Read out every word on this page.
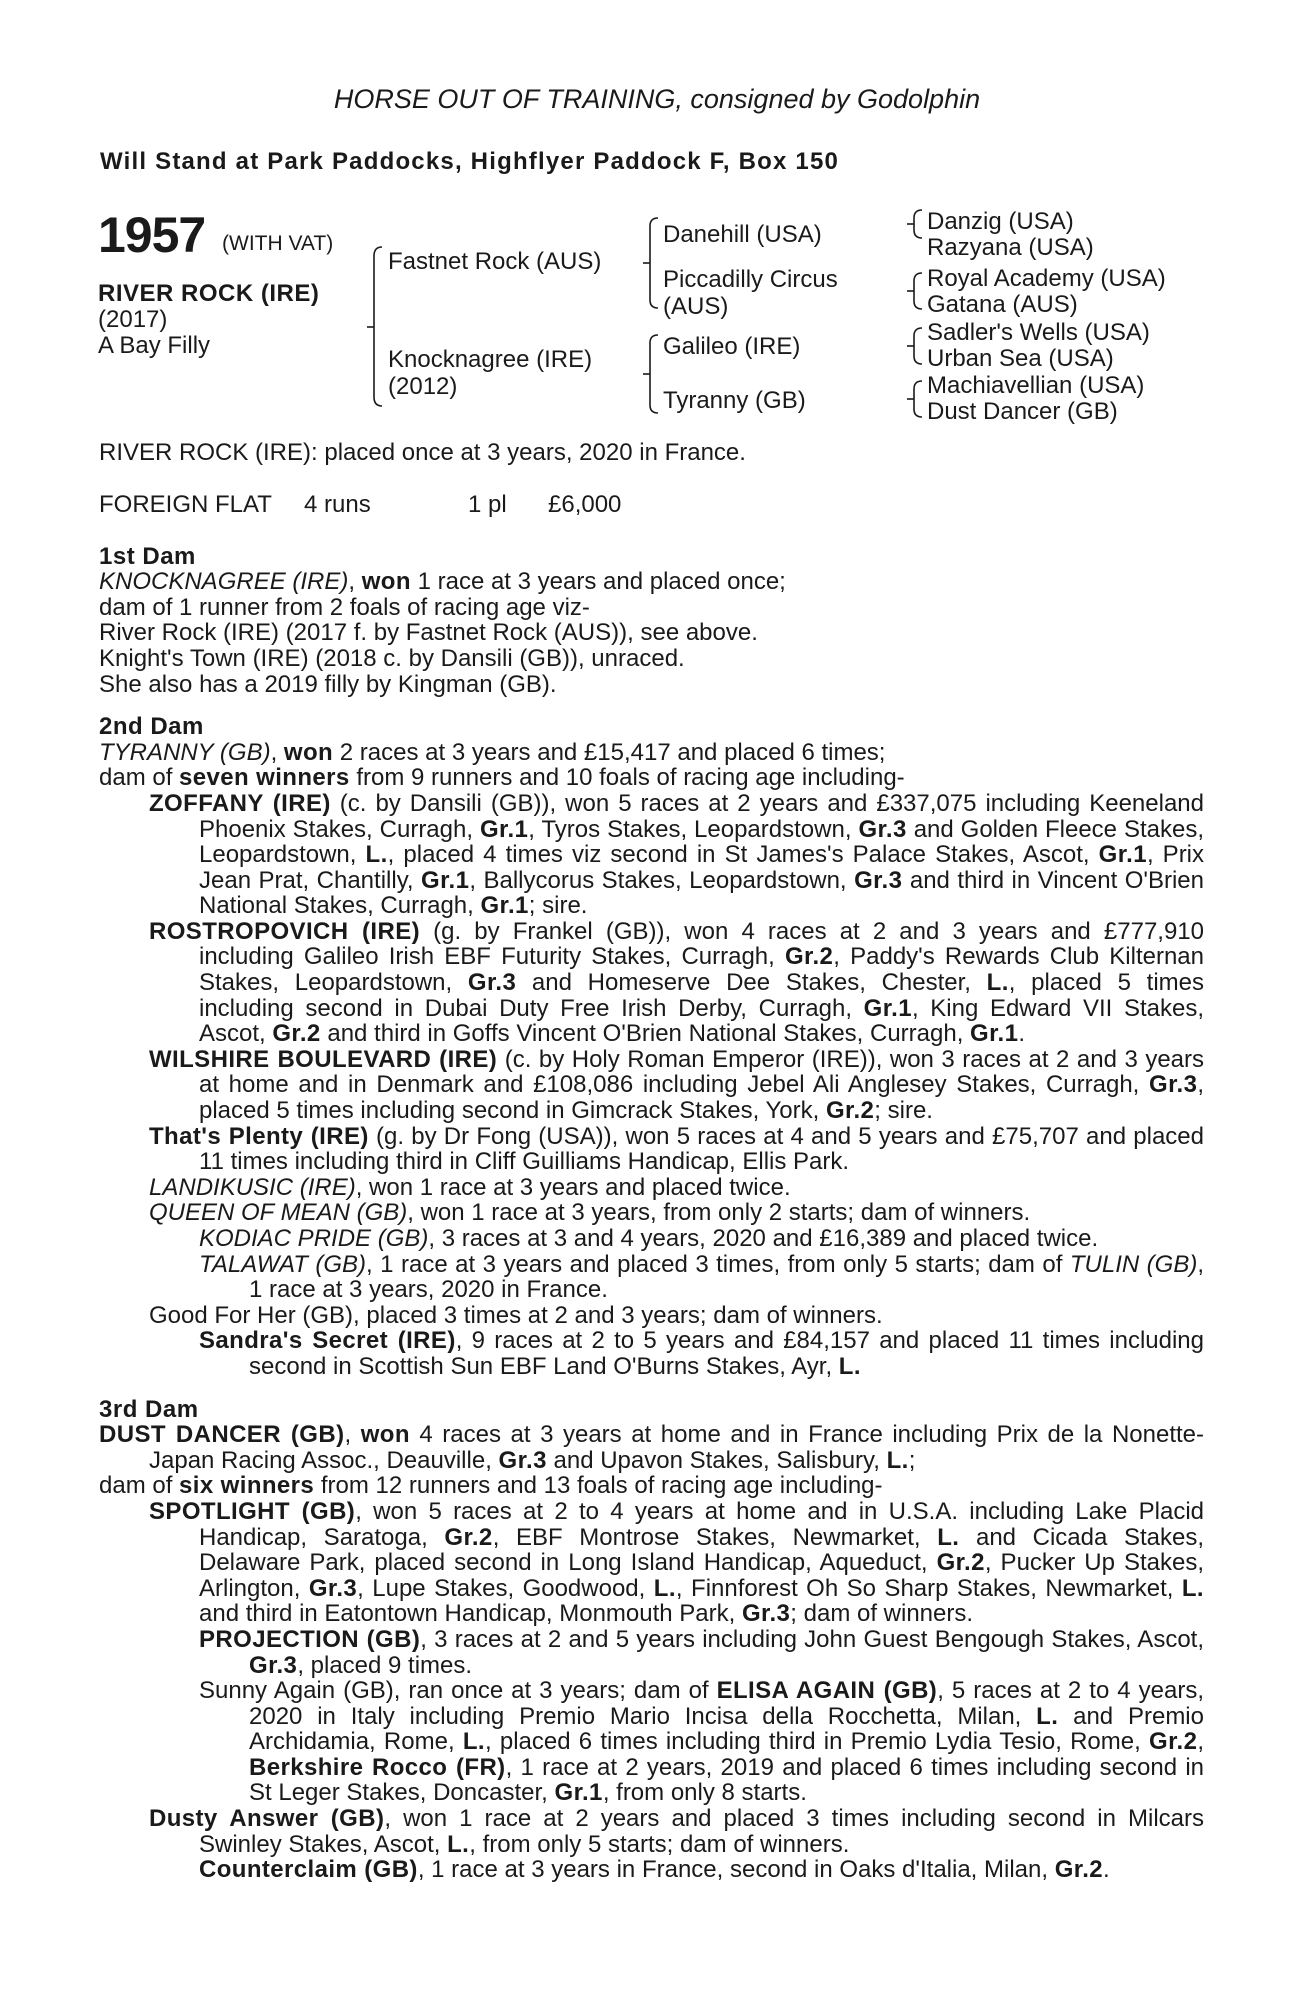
HORSE OUT OF TRAINING, consigned by Godolphin
Will Stand at Park Paddocks, Highflyer Paddock F, Box 150
1957 (WITH VAT)
RIVER ROCK (IRE)
(2017)
A Bay Filly
Fastnet Rock (AUS)
Knocknagree (IRE)
(2012)
Danehill (USA)
Piccadilly Circus
(AUS)
Galileo (IRE)
Tyranny (GB)
Danzig (USA)
Razyana (USA)
Royal Academy (USA)
Gatana (AUS)
Sadler's Wells (USA)
Urban Sea (USA)
Machiavellian (USA)
Dust Dancer (GB)

RIVER ROCK (IRE): placed once at 3 years, 2020 in France.

FOREIGN FLAT 4 runs	1 pl £6,000

1st Dam

KNOCKNAGREE (IRE), won 1 race at 3 years and placed once;

dam of 1 runner from 2 foals of racing age viz-

River Rock (IRE) (2017 f. by Fastnet Rock (AUS)), see above.

Knight's Town (IRE) (2018 c. by Dansili (GB)), unraced.

She also has a 2019 filly by Kingman (GB).

2nd Dam

TYRANNY (GB), won 2 races at 3 years and £15,417 and placed 6 times;

dam of seven winners from 9 runners and 10 foals of racing age including-

ZOFFANY (IRE) (c. by Dansili (GB)), won 5 races at 2 years and £337,075 including Keeneland Phoenix Stakes, Curragh, Gr.1, Tyros Stakes, Leopardstown, Gr.3 and Golden Fleece Stakes, Leopardstown, L., placed 4 times viz second in St James's Palace Stakes, Ascot, Gr.1, Prix Jean Prat, Chantilly, Gr.1, Ballycorus Stakes, Leopardstown, Gr.3 and third in Vincent O'Brien National Stakes, Curragh, Gr.1; sire.

ROSTROPOVICH (IRE) (g. by Frankel (GB)), won 4 races at 2 and 3 years and £777,910 including Galileo Irish EBF Futurity Stakes, Curragh, Gr.2, Paddy's Rewards Club Kilternan Stakes, Leopardstown, Gr.3 and Homeserve Dee Stakes, Chester, L., placed 5 times including second in Dubai Duty Free Irish Derby, Curragh, Gr.1, King Edward VII Stakes, Ascot, Gr.2 and third in Goffs Vincent O'Brien National Stakes, Curragh, Gr.1.

WILSHIRE BOULEVARD (IRE) (c. by Holy Roman Emperor (IRE)), won 3 races at 2 and 3 years at home and in Denmark and £108,086 including Jebel Ali Anglesey Stakes, Curragh, Gr.3, placed 5 times including second in Gimcrack Stakes, York, Gr.2; sire.

That's Plenty (IRE) (g. by Dr Fong (USA)), won 5 races at 4 and 5 years and £75,707 and placed 11 times including third in Cliff Guilliams Handicap, Ellis Park.

LANDIKUSIC (IRE), won 1 race at 3 years and placed twice.

QUEEN OF MEAN (GB), won 1 race at 3 years, from only 2 starts; dam of winners.

KODIAC PRIDE (GB), 3 races at 3 and 4 years, 2020 and £16,389 and placed twice.

TALAWAT (GB), 1 race at 3 years and placed 3 times, from only 5 starts; dam of TULIN (GB), 1 race at 3 years, 2020 in France.

Good For Her (GB), placed 3 times at 2 and 3 years; dam of winners.

Sandra's Secret (IRE), 9 races at 2 to 5 years and £84,157 and placed 11 times including second in Scottish Sun EBF Land O'Burns Stakes, Ayr, L.

3rd Dam

DUST DANCER (GB), won 4 races at 3 years at home and in France including Prix de la Nonette-Japan Racing Assoc., Deauville, Gr.3 and Upavon Stakes, Salisbury, L.;

dam of six winners from 12 runners and 13 foals of racing age including-

SPOTLIGHT (GB), won 5 races at 2 to 4 years at home and in U.S.A. including Lake Placid Handicap, Saratoga, Gr.2, EBF Montrose Stakes, Newmarket, L. and Cicada Stakes, Delaware Park, placed second in Long Island Handicap, Aqueduct, Gr.2, Pucker Up Stakes, Arlington, Gr.3, Lupe Stakes, Goodwood, L., Finnforest Oh So Sharp Stakes, Newmarket, L. and third in Eatontown Handicap, Monmouth Park, Gr.3; dam of winners.

PROJECTION (GB), 3 races at 2 and 5 years including John Guest Bengough Stakes, Ascot, Gr.3, placed 9 times.

Sunny Again (GB), ran once at 3 years; dam of ELISA AGAIN (GB), 5 races at 2 to 4 years, 2020 in Italy including Premio Mario Incisa della Rocchetta, Milan, L. and Premio Archidamia, Rome, L., placed 6 times including third in Premio Lydia Tesio, Rome, Gr.2, Berkshire Rocco (FR), 1 race at 2 years, 2019 and placed 6 times including second in St Leger Stakes, Doncaster, Gr.1, from only 8 starts.

Dusty Answer (GB), won 1 race at 2 years and placed 3 times including second in Milcars Swinley Stakes, Ascot, L., from only 5 starts; dam of winners.

Counterclaim (GB), 1 race at 3 years in France, second in Oaks d'Italia, Milan, Gr.2.
